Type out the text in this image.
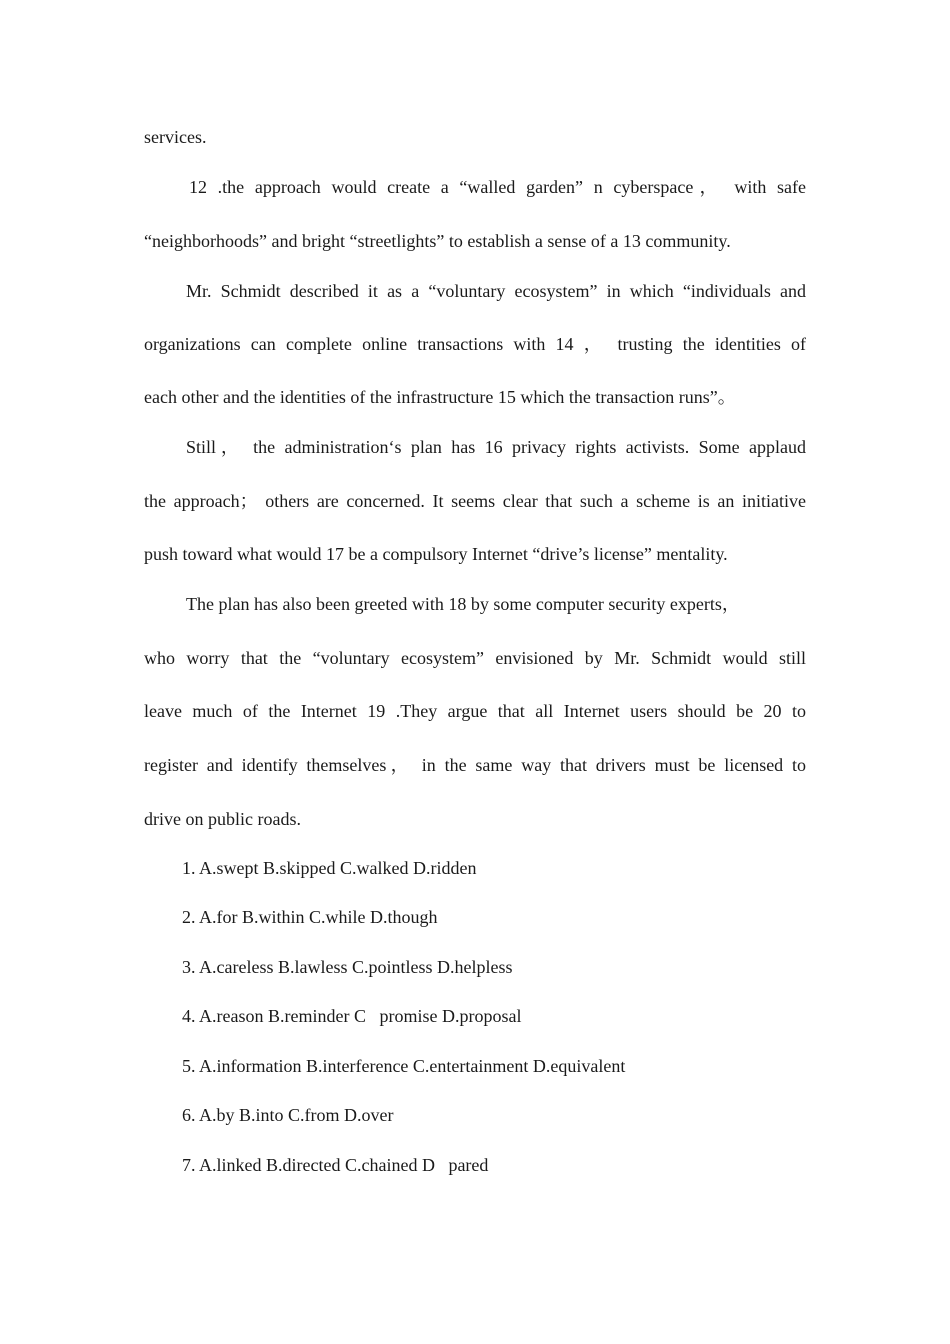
services.
12 .the approach would create a “walled garden” n cyberspace， with safe
“neighborhoods” and bright “streetlights” to establish a sense of a 13 community.
Mr. Schmidt described it as a “voluntary ecosystem” in which “individuals and
organizations can complete online transactions with 14 ， trusting the identities of
each other and the identities of the infrastructure 15 which the transaction runs”。
Still， the administration‘s plan has 16 privacy rights activists. Some applaud
the approach； others are concerned. It seems clear that such a scheme is an initiative
push toward what would 17 be a compulsory Internet “drive’s license” mentality.
The plan has also been greeted with 18 by some computer security experts，
who worry that the “voluntary ecosystem” envisioned by Mr. Schmidt would still
leave much of the Internet 19 .They argue that all Internet users should be 20 to
register and identify themselves， in the same way that drivers must be licensed to
drive on public roads.
1. A.swept B.skipped C.walked D.ridden
2. A.for B.within C.while D.though
3. A.careless B.lawless C.pointless D.helpless
4. A.reason B.reminder C   promise D.proposal
5. A.information B.interference C.entertainment D.equivalent
6. A.by B.into C.from D.over
7. A.linked B.directed C.chained D   pared
